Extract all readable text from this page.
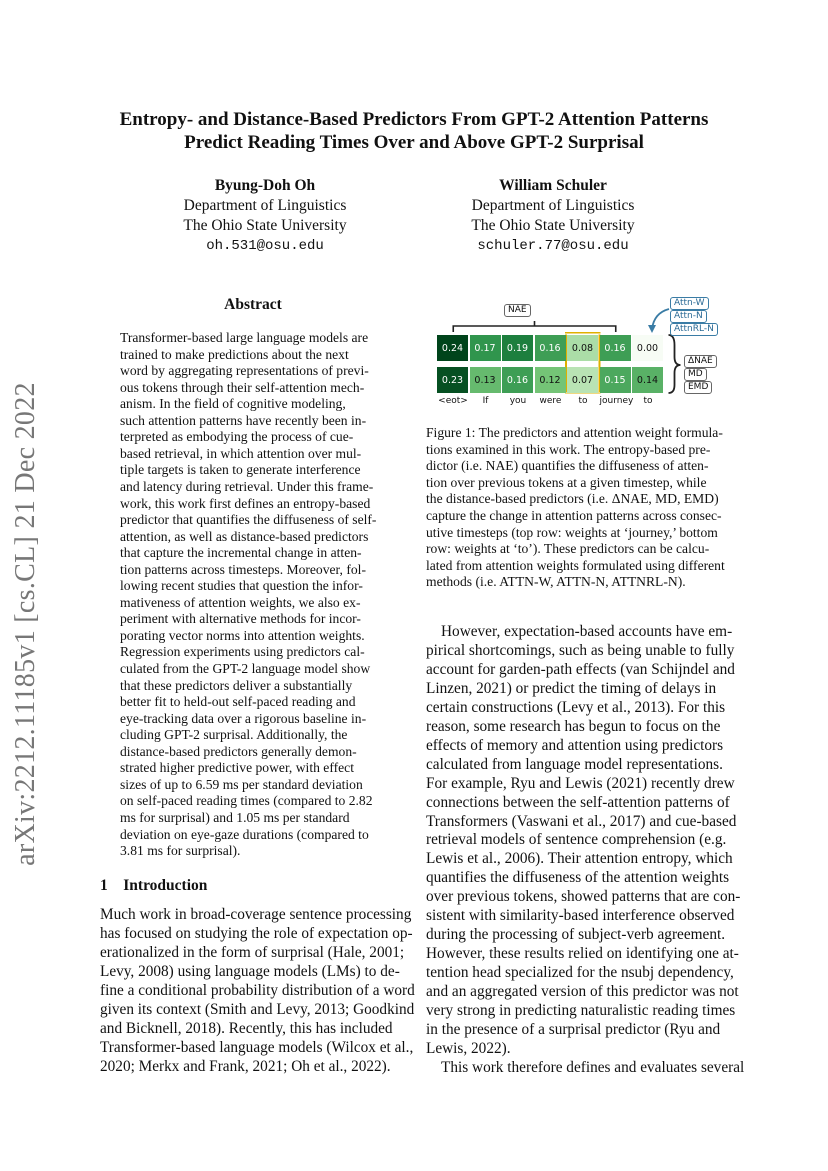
Entropy- and Distance-Based Predictors From GPT-2 Attention Patterns
Predict Reading Times Over and Above GPT-2 Surprisal
Byung-Doh Oh
Department of Linguistics
The Ohio State University
oh.531@osu.edu
William Schuler
Department of Linguistics
The Ohio State University
schuler.77@osu.edu
arXiv:2212.11185v1 [cs.CL] 21 Dec 2022
Abstract
Transformer-based large language models are
trained to make predictions about the next
word by aggregating representations of previ-
ous tokens through their self-attention mech-
anism. In the field of cognitive modeling,
such attention patterns have recently been in-
terpreted as embodying the process of cue-
based retrieval, in which attention over mul-
tiple targets is taken to generate interference
and latency during retrieval. Under this frame-
work, this work first defines an entropy-based
predictor that quantifies the diffuseness of self-
attention, as well as distance-based predictors
that capture the incremental change in atten-
tion patterns across timesteps. Moreover, fol-
lowing recent studies that question the infor-
mativeness of attention weights, we also ex-
periment with alternative methods for incor-
porating vector norms into attention weights.
Regression experiments using predictors cal-
culated from the GPT-2 language model show
that these predictors deliver a substantially
better fit to held-out self-paced reading and
eye-tracking data over a rigorous baseline in-
cluding GPT-2 surprisal. Additionally, the
distance-based predictors generally demon-
strated higher predictive power, with effect
sizes of up to 6.59 ms per standard deviation
on self-paced reading times (compared to 2.82
ms for surprisal) and 1.05 ms per standard
deviation on eye-gaze durations (compared to
3.81 ms for surprisal).
1 Introduction
Much work in broad-coverage sentence processing
has focused on studying the role of expectation op-
erationalized in the form of surprisal (Hale, 2001;
Levy, 2008) using language models (LMs) to de-
fine a conditional probability distribution of a word
given its context (Smith and Levy, 2013; Goodkind
and Bicknell, 2018). Recently, this has included
Transformer-based language models (Wilcox et al.,
2020; Merkx and Frank, 2021; Oh et al., 2022).
NAE
Attn-W
Attn-N
AttnRL-N
ΔNAE
MD
EMD
0.24	0.17	0.19	0.16	0.08	0.16	0.00
0.23	0.13	0.16	0.12	0.07	0.15	0.14
<eot>	If	you	were	to	journey	to
Figure 1: The predictors and attention weight formula-
tions examined in this work. The entropy-based pre-
dictor (i.e. NAE) quantifies the diffuseness of atten-
tion over previous tokens at a given timestep, while
the distance-based predictors (i.e. ΔNAE, MD, EMD)
capture the change in attention patterns across consec-
utive timesteps (top row: weights at ‘journey,’ bottom
row: weights at ‘to’). These predictors can be calcu-
lated from attention weights formulated using different
methods (i.e. ATTN-W, ATTN-N, ATTNRL-N).
However, expectation-based accounts have em-
pirical shortcomings, such as being unable to fully
account for garden-path effects (van Schijndel and
Linzen, 2021) or predict the timing of delays in
certain constructions (Levy et al., 2013). For this
reason, some research has begun to focus on the
effects of memory and attention using predictors
calculated from language model representations.
For example, Ryu and Lewis (2021) recently drew
connections between the self-attention patterns of
Transformers (Vaswani et al., 2017) and cue-based
retrieval models of sentence comprehension (e.g.
Lewis et al., 2006). Their attention entropy, which
quantifies the diffuseness of the attention weights
over previous tokens, showed patterns that are con-
sistent with similarity-based interference observed
during the processing of subject-verb agreement.
However, these results relied on identifying one at-
tention head specialized for the nsubj dependency,
and an aggregated version of this predictor was not
very strong in predicting naturalistic reading times
in the presence of a surprisal predictor (Ryu and
Lewis, 2022).
This work therefore defines and evaluates several
